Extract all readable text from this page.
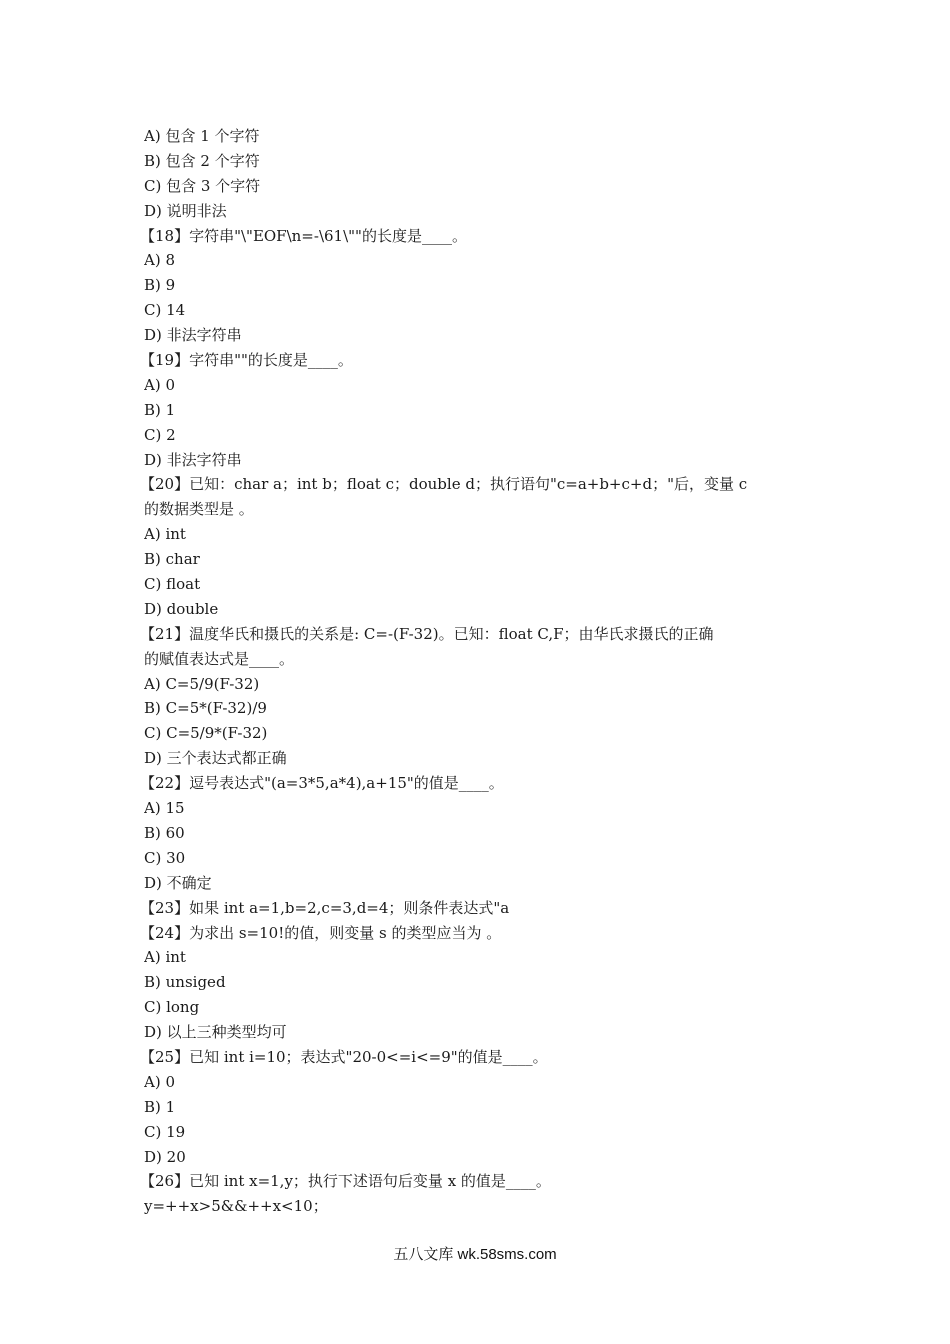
A) 包含 1 个字符
B) 包含 2 个字符
C) 包含 3 个字符
D) 说明非法
【18】字符串"\"EOF\n=-\61\""的长度是____。
A) 8
B) 9
C) 14
D) 非法字符串
【19】字符串""的长度是____。
A) 0
B) 1
C) 2
D) 非法字符串
【20】已知：char a；int b；float c；double d；执行语句"c=a+b+c+d；"后，变量 c
的数据类型是 。
A) int
B) char
C) float
D) double
【21】温度华氏和摄氏的关系是: C=-(F-32)。已知：float C,F；由华氏求摄氏的正确
的赋值表达式是____。
A) C=5/9(F-32)
B) C=5*(F-32)/9
C) C=5/9*(F-32)
D) 三个表达式都正确
【22】逗号表达式"(a=3*5,a*4),a+15"的值是____。
A) 15
B) 60
C) 30
D) 不确定
【23】如果 int a=1,b=2,c=3,d=4；则条件表达式"a
【24】为求出 s=10!的值，则变量 s 的类型应当为 。
A) int
B) unsiged
C) long
D) 以上三种类型均可
【25】已知 int i=10；表达式"20-0<=i<=9"的值是____。
A) 0
B) 1
C) 19
D) 20
【26】已知 int x=1,y；执行下述语句后变量 x 的值是____。
y=++x>5&&++x<10；
五八文库 wk.58sms.com
